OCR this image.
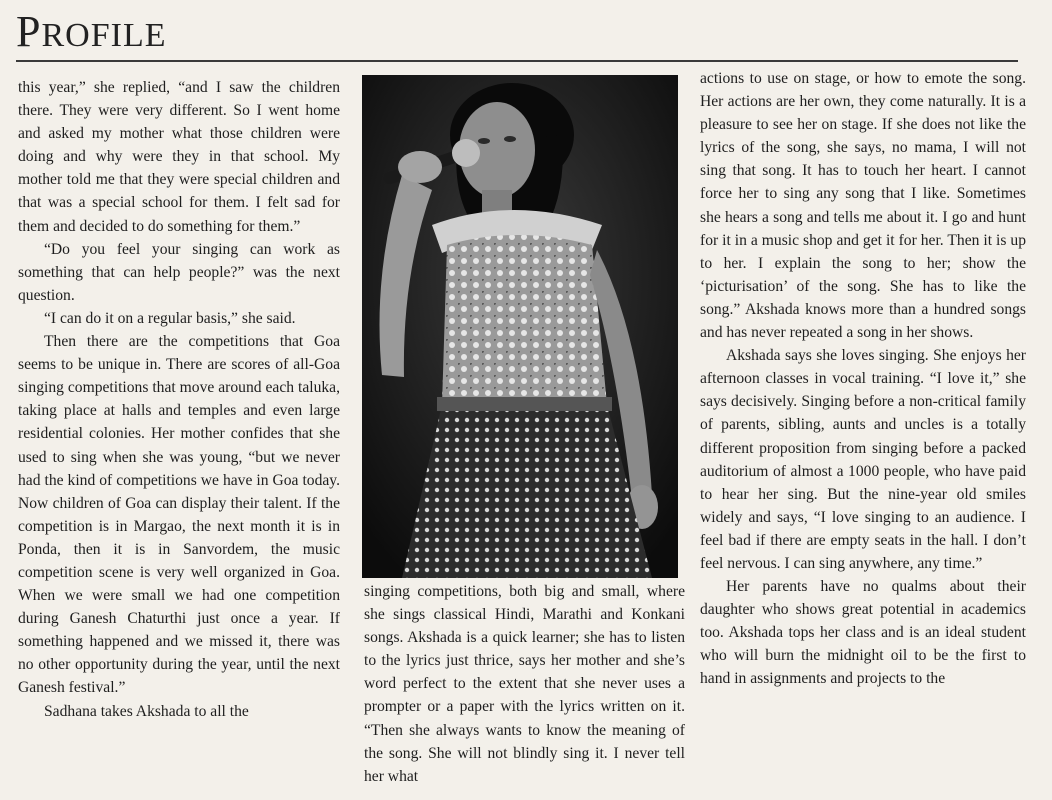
PROFILE

this year,” she replied, “and I saw the children there. They were very different. So I went home and asked my mother what those children were doing and why were they in that school. My mother told me that they were special children and that was a special school for them. I felt sad for them and decided to do something for them.”

“Do you feel your singing can work as something that can help people?” was the next question.

“I can do it on a regular basis,” she said.

Then there are the competitions that Goa seems to be unique in. There are scores of all-Goa singing competitions that move around each taluka, taking place at halls and temples and even large residential colonies. Her mother confides that she used to sing when she was young, “but we never had the kind of competitions we have in Goa today. Now children of Goa can display their talent. If the competition is in Margao, the next month it is in Ponda, then it is in Sanvordem, the music competition scene is very well organized in Goa. When we were small we had one competition during Ganesh Chaturthi just once a year. If something happened and we missed it, there was no other opportunity during the year, until the next Ganesh festival.”

Sadhana takes Akshada to all the

singing competitions, both big and small, where she sings classical Hindi, Marathi and Konkani songs. Akshada is a quick learner; she has to listen to the lyrics just thrice, says her mother and she’s word perfect to the extent that she never uses a prompter or a paper with the lyrics written on it. “Then she always wants to know the meaning of the song. She will not blindly sing it. I never tell her what

actions to use on stage, or how to emote the song. Her actions are her own, they come naturally. It is a pleasure to see her on stage. If she does not like the lyrics of the song, she says, no mama, I will not sing that song. It has to touch her heart. I cannot force her to sing any song that I like. Sometimes she hears a song and tells me about it. I go and hunt for it in a music shop and get it for her. Then it is up to her. I explain the song to her; show the ‘picturisation’ of the song. She has to like the song.” Akshada knows more than a hundred songs and has never repeated a song in her shows.

Akshada says she loves singing. She enjoys her afternoon classes in vocal training. “I love it,” she says decisively. Singing before a non-critical family of parents, sibling, aunts and uncles is a totally different proposition from singing before a packed auditorium of almost a 1000 people, who have paid to hear her sing. But the nine-year old smiles widely and says, “I love singing to an audience. I feel bad if there are empty seats in the hall. I don’t feel nervous. I can sing anywhere, any time.”

Her parents have no qualms about their daughter who shows great potential in academics too. Akshada tops her class and is an ideal student who will burn the midnight oil to be the first to hand in assignments and projects to the
